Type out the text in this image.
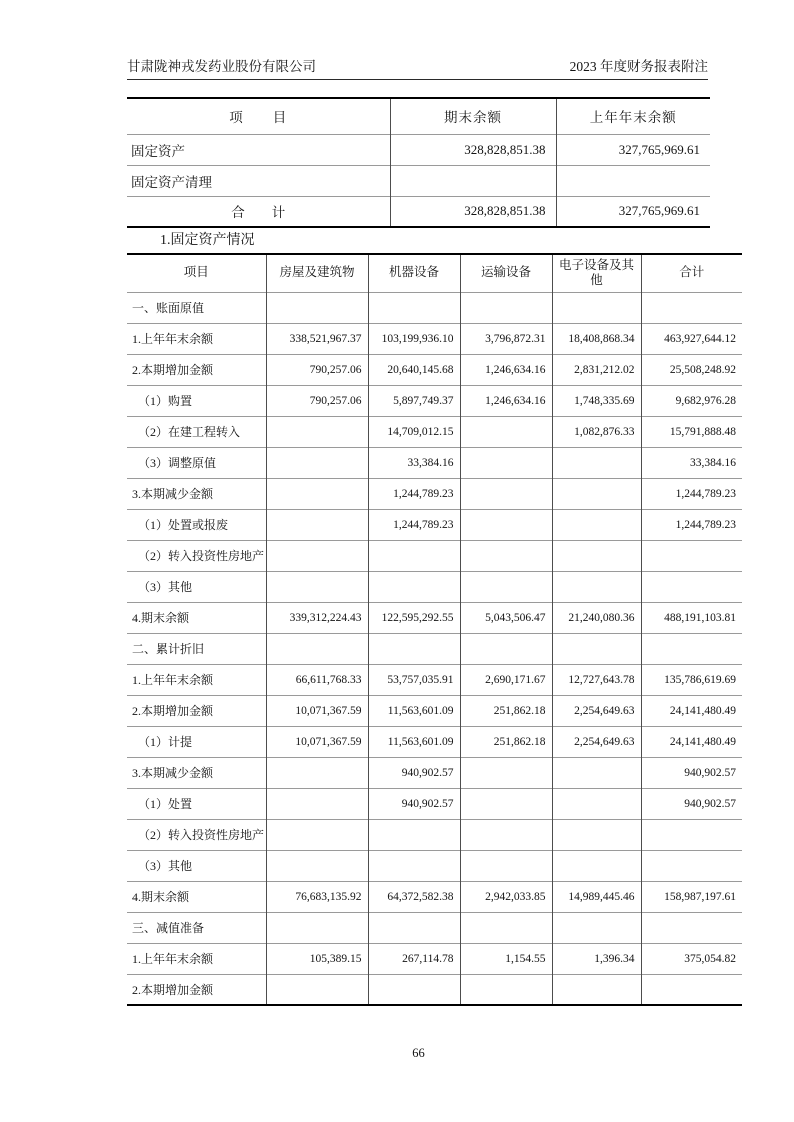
甘肃陇神戎发药业股份有限公司	2023 年度财务报表附注
项　　目	期末余额	上年年末余额
固定资产	328,828,851.38	327,765,969.61
固定资产清理		
合　　计	328,828,851.38	327,765,969.61
1.固定资产情况
项目	房屋及建筑物	机器设备	运输设备	电子设备及其他	合计
一、账面原值					
1.上年年末余额	338,521,967.37	103,199,936.10	3,796,872.31	18,408,868.34	463,927,644.12
2.本期增加金额	790,257.06	20,640,145.68	1,246,634.16	2,831,212.02	25,508,248.92
（1）购置	790,257.06	5,897,749.37	1,246,634.16	1,748,335.69	9,682,976.28
（2）在建工程转入		14,709,012.15		1,082,876.33	15,791,888.48
（3）调整原值		33,384.16			33,384.16
3.本期减少金额		1,244,789.23			1,244,789.23
（1）处置或报废		1,244,789.23			1,244,789.23
（2）转入投资性房地产					
（3）其他					
4.期末余额	339,312,224.43	122,595,292.55	5,043,506.47	21,240,080.36	488,191,103.81
二、累计折旧					
1.上年年末余额	66,611,768.33	53,757,035.91	2,690,171.67	12,727,643.78	135,786,619.69
2.本期增加金额	10,071,367.59	11,563,601.09	251,862.18	2,254,649.63	24,141,480.49
（1）计提	10,071,367.59	11,563,601.09	251,862.18	2,254,649.63	24,141,480.49
3.本期减少金额		940,902.57			940,902.57
（1）处置		940,902.57			940,902.57
（2）转入投资性房地产					
（3）其他					
4.期末余额	76,683,135.92	64,372,582.38	2,942,033.85	14,989,445.46	158,987,197.61
三、减值准备					
1.上年年末余额	105,389.15	267,114.78	1,154.55	1,396.34	375,054.82
2.本期增加金额					
66
